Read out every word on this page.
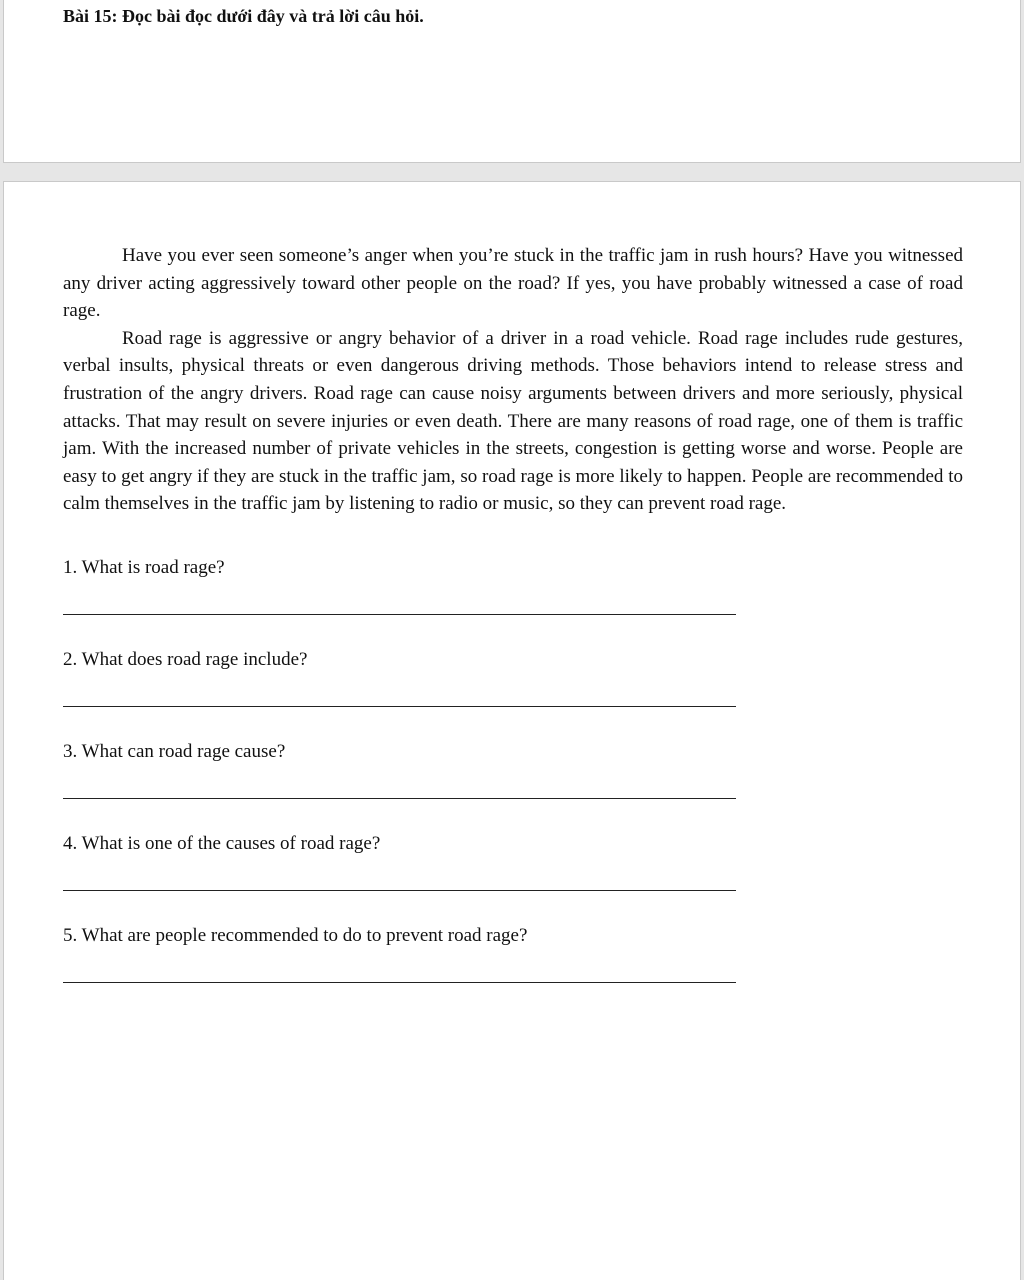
Bài 15: Đọc bài đọc dưới đây và trả lời câu hỏi.

Have you ever seen someone’s anger when you’re stuck in the traffic jam in rush hours? Have you witnessed any driver acting aggressively toward other people on the road? If yes, you have probably witnessed a case of road rage.

Road rage is aggressive or angry behavior of a driver in a road vehicle. Road rage includes rude gestures, verbal insults, physical threats or even dangerous driving methods. Those behaviors intend to release stress and frustration of the angry drivers. Road rage can cause noisy arguments between drivers and more seriously, physical attacks. That may result on severe injuries or even death. There are many reasons of road rage, one of them is traffic jam. With the increased number of private vehicles in the streets, congestion is getting worse and worse. People are easy to get angry if they are stuck in the traffic jam, so road rage is more likely to happen. People are recommended to calm themselves in the traffic jam by listening to radio or music, so they can prevent road rage.

1. What is road rage?
2. What does road rage include?
3. What can road rage cause?
4. What is one of the causes of road rage?
5. What are people recommended to do to prevent road rage?
